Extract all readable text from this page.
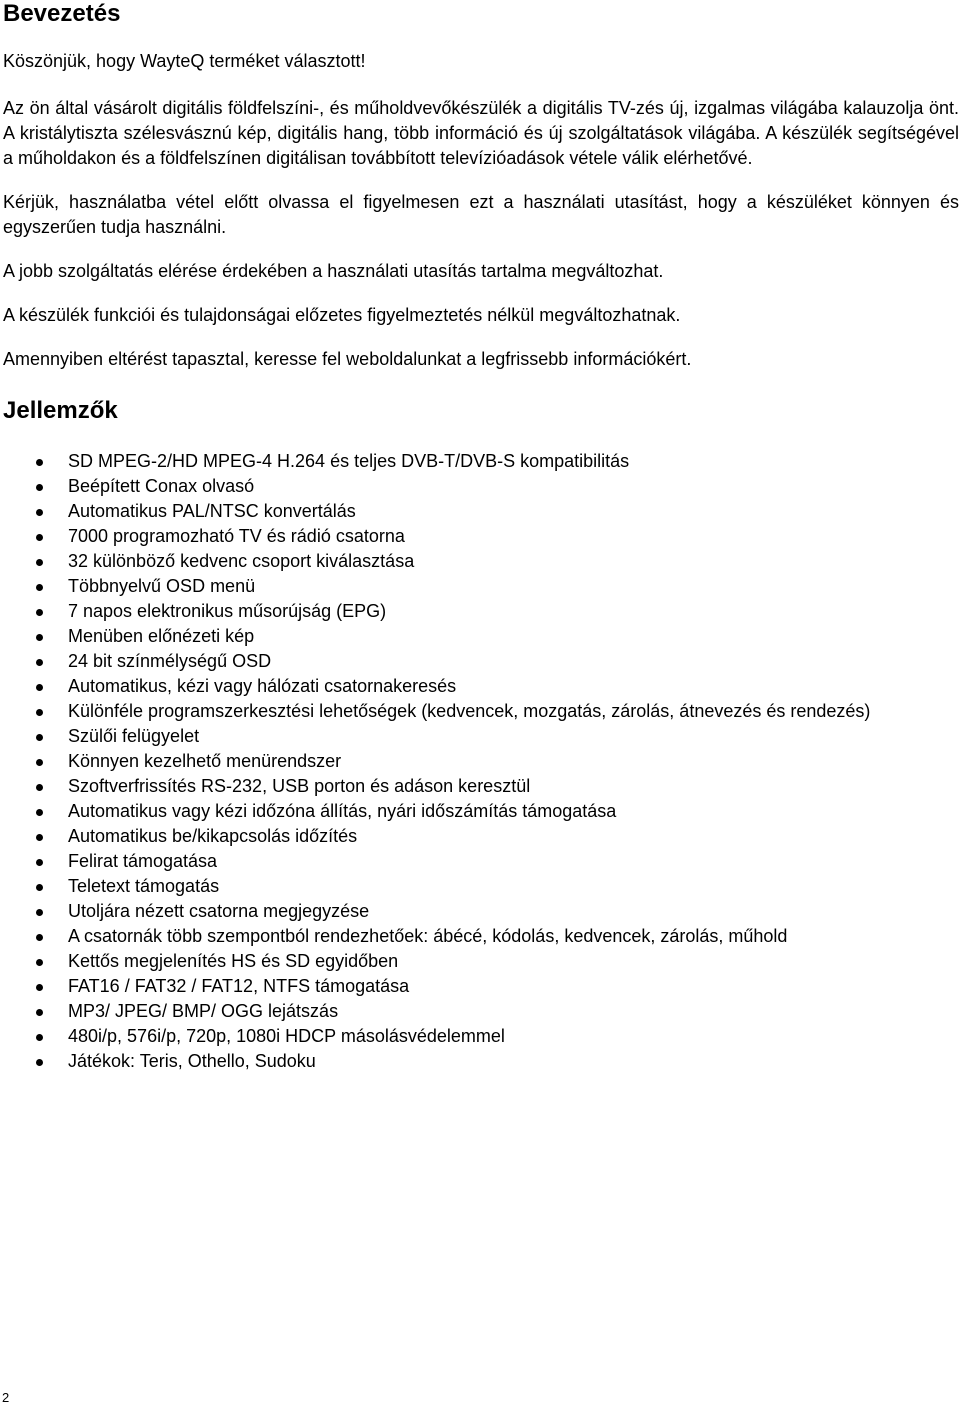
Bevezetés

Köszönjük, hogy WayteQ terméket választott!

Az ön által vásárolt digitális földfelszíni-, és műholdvevőkészülék a digitális TV-zés új, izgalmas világába kalauzolja önt. A kristálytiszta szélesvásznú kép, digitális hang, több információ és új szolgáltatások világába. A készülék segítségével a műholdakon és a földfelszínen digitálisan továbbított televízióadások vétele válik elérhetővé.

Kérjük, használatba vétel előtt olvassa el figyelmesen ezt a használati utasítást, hogy a készüléket könnyen és egyszerűen tudja használni.

A jobb szolgáltatás elérése érdekében a használati utasítás tartalma megváltozhat.

A készülék funkciói és tulajdonságai előzetes figyelmeztetés nélkül megváltozhatnak.

Amennyiben eltérést tapasztal, keresse fel weboldalunkat a legfrissebb információkért.

Jellemzők
SD MPEG-2/HD MPEG-4 H.264 és teljes DVB-T/DVB-S kompatibilitás
Beépített Conax olvasó
Automatikus PAL/NTSC konvertálás
7000 programozható TV és rádió csatorna
32 különböző kedvenc csoport kiválasztása
Többnyelvű OSD menü
7 napos elektronikus műsorújság (EPG)
Menüben előnézeti kép
24 bit színmélységű OSD
Automatikus, kézi vagy hálózati csatornakeresés
Különféle programszerkesztési lehetőségek (kedvencek, mozgatás, zárolás, átnevezés és rendezés)
Szülői felügyelet
Könnyen kezelhető menürendszer
Szoftverfrissítés RS-232, USB porton és adáson keresztül
Automatikus vagy kézi időzóna állítás, nyári időszámítás támogatása
Automatikus be/kikapcsolás időzítés
Felirat támogatása
Teletext támogatás
Utoljára nézett csatorna megjegyzése
A csatornák több szempontból rendezhetőek: ábécé, kódolás, kedvencek, zárolás, műhold
Kettős megjelenítés HS és SD egyidőben
FAT16 / FAT32 / FAT12, NTFS támogatása
MP3/ JPEG/ BMP/ OGG lejátszás
480i/p, 576i/p, 720p, 1080i HDCP másolásvédelemmel
Játékok: Teris, Othello, Sudoku
2
